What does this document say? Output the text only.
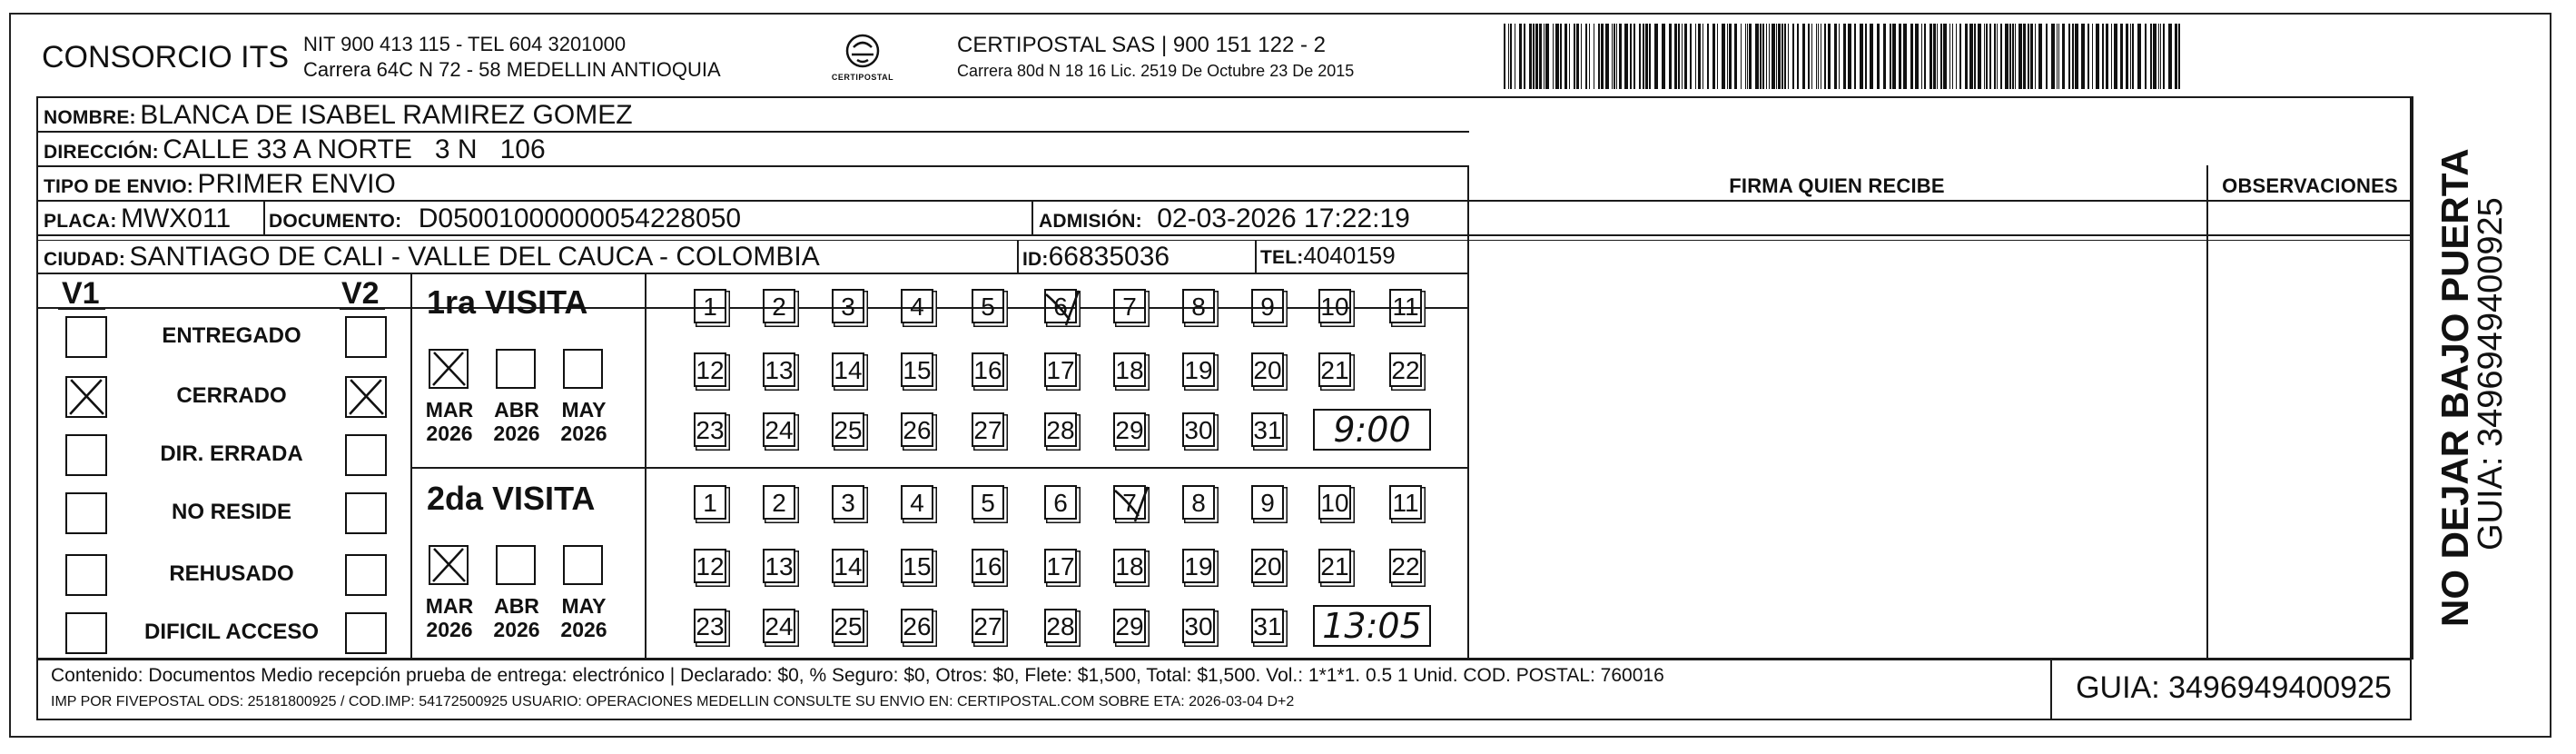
CONSORCIO ITS NIT 900 413 115 - TEL 604 3201000
Carrera 64C N 72 - 58 MEDELLIN ANTIOQUIA	CERTIPOSTAL
CERTIPOSTAL SAS | 900 151 122 - 2
Carrera 80d N 18 16 Lic. 2519 De Octubre 23 De 2015
FIRMA QUIEN RECIBE	OBSERVACIONES
NOMBRE: BLANCA DE ISABEL RAMIREZ GOMEZ
DIRECCIÓN: CALLE 33 A NORTE   3 N   106
TIPO DE ENVIO: PRIMER ENVIO
PLACA: MWX011 DOCUMENTO: D05001000000054228050	ADMISIÓN: 02-03-2026 17:22:19
CIUDAD: SANTIAGO DE CALI - VALLE DEL CAUCA - COLOMBIA	ID:66835036	TEL:4040159
V1	V2
ENTREGADO
CERRADO
DIR. ERRADA
NO RESIDE
REHUSADO
DIFICIL ACCESO
1ra VISITA
MAR
2026
ABR
2026
MAY
2026
1	2	3	4	5	6	7	8	9	10 11
12 13 14 15 16 17 18 19 20 21 22
23 24 25 26 27 28 29 30 31	9:00
2da VISITA
MAR
2026
ABR
2026
MAY
2026
1	2	3	4	5	6	7	8	9	10 11
12 13 14 15 16 17 18 19 20 21 22
23 24 25 26 27 28 29 30 31 13:05
Contenido: Documentos Medio recepción prueba de entrega: electrónico | Declarado: $0, % Seguro: $0, Otros: $0, Flete: $1,500, Total: $1,500. Vol.: 1*1*1. 0.5 1 Unid. COD. POSTAL: 760016
IMP POR FIVEPOSTAL ODS: 25181800925 / COD.IMP: 54172500925 USUARIO: OPERACIONES MEDELLIN CONSULTE SU ENVIO EN: CERTIPOSTAL.COM SOBRE ETA: 2026-03-04 D+2	GUIA: 3496949400925
NO DEJAR BAJO PUERTA
GUIA: 3496949400925
